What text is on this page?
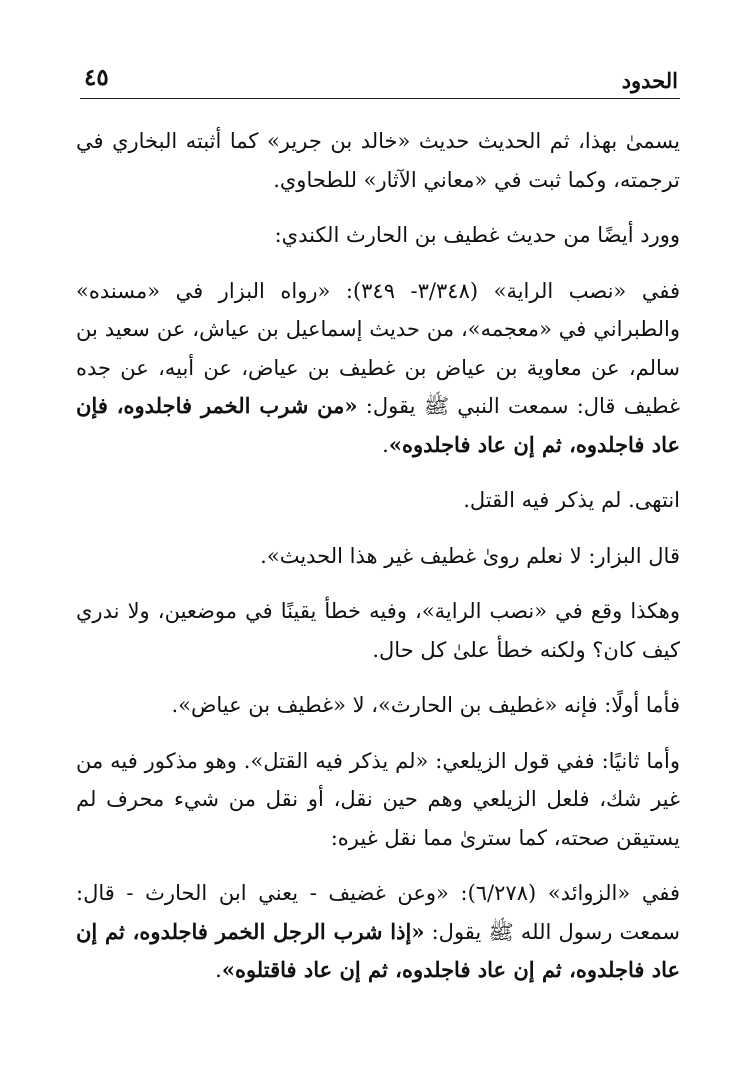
الحدود
٤٥

يسمىٰ بهذا، ثم الحديث حديث «خالد بن جرير» كما أثبته البخاري في ترجمته، وكما ثبت في «معاني الآثار» للطحاوي.

وورد أيضًا من حديث غطيف بن الحارث الكندي:

ففي «نصب الراية» (٣/٣٤٨- ٣٤٩): «رواه البزار في «مسنده» والطبراني في «معجمه»، من حديث إسماعيل بن عياش، عن سعيد بن سالم، عن معاوية بن عياض بن غطيف بن عياض، عن أبيه، عن جده غطيف قال: سمعت النبي ﷺ يقول: «من شرب الخمر فاجلدوه، فإن عاد فاجلدوه، ثم إن عاد فاجلدوه».

انتهى. لم يذكر فيه القتل.

قال البزار: لا نعلم روىٰ غطيف غير هذا الحديث».

وهكذا وقع في «نصب الراية»، وفيه خطأ يقينًا في موضعين، ولا ندري كيف كان؟ ولكنه خطأ علىٰ كل حال.

فأما أولًا: فإنه «غطيف بن الحارث»، لا «غطيف بن عياض».

وأما ثانيًا: ففي قول الزيلعي: «لم يذكر فيه القتل». وهو مذكور فيه من غير شك، فلعل الزيلعي وهم حين نقل، أو نقل من شيء محرف لم يستيقن صحته، كما سترىٰ مما نقل غيره:

ففي «الزوائد» (٦/٢٧٨): «وعن غضيف - يعني ابن الحارث - قال: سمعت رسول الله ﷺ يقول: «إذا شرب الرجل الخمر فاجلدوه، ثم إن عاد فاجلدوه، ثم إن عاد فاجلدوه، ثم إن عاد فاقتلوه».
